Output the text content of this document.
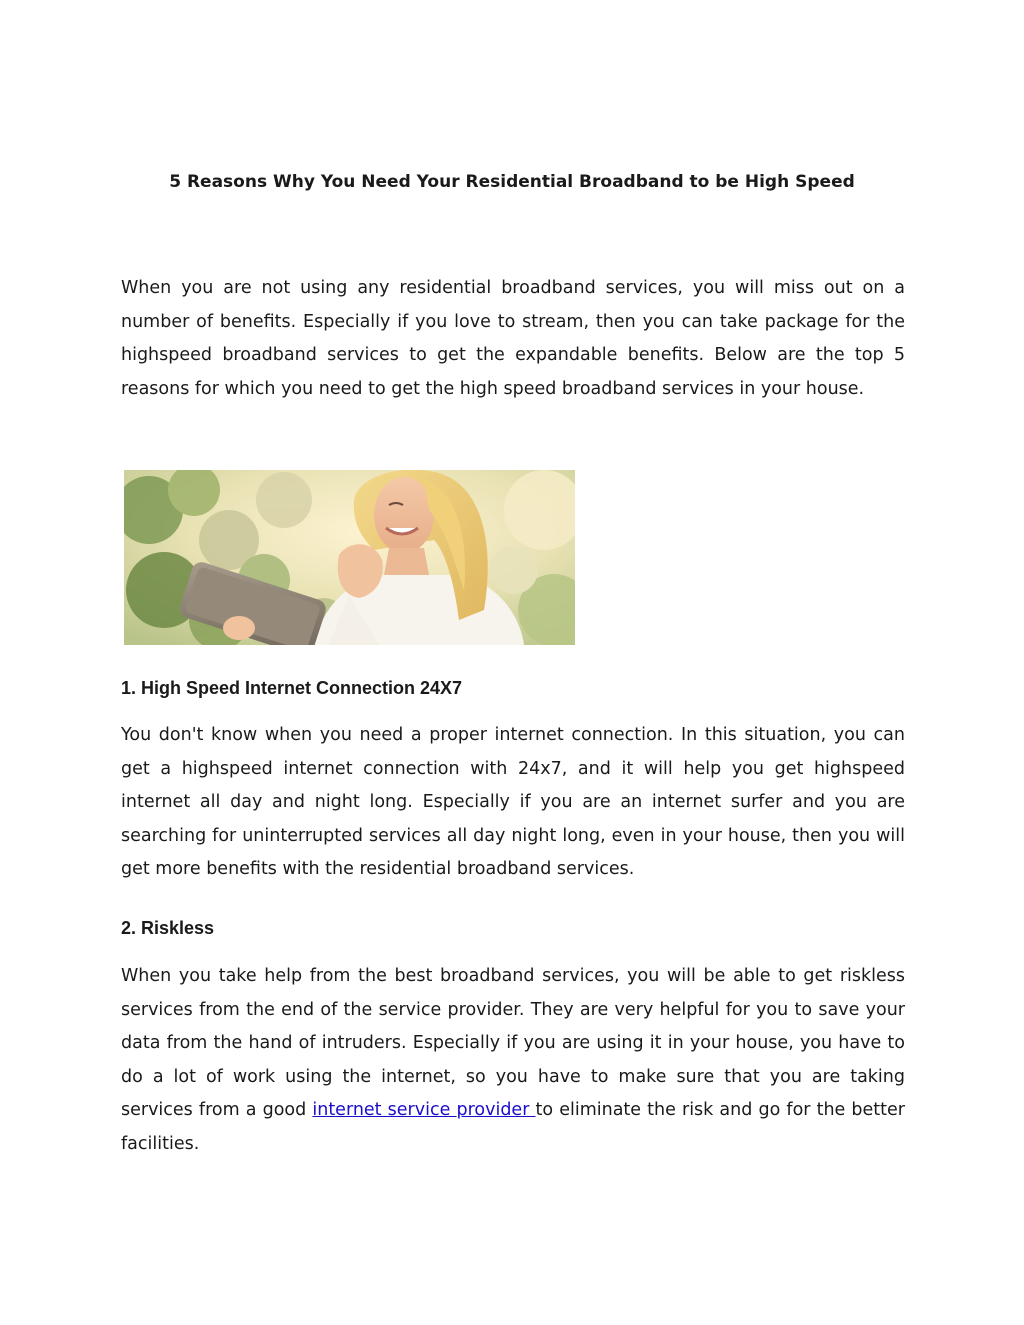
5 Reasons Why You Need Your Residential Broadband to be High Speed

When you are not using any residential broadband services, you will miss out on a number of benefits. Especially if you love to stream, then you can take package for the highspeed broadband services to get the expandable benefits. Below are the top 5 reasons for which you need to get the high speed broadband services in your house.

1. High Speed Internet Connection 24X7

You don't know when you need a proper internet connection. In this situation, you can get a highspeed internet connection with 24x7, and it will help you get highspeed internet all day and night long. Especially if you are an internet surfer and you are searching for uninterrupted services all day night long, even in your house, then you will get more benefits with the residential broadband services.

2. Riskless

When you take help from the best broadband services, you will be able to get riskless services from the end of the service provider. They are very helpful for you to save your data from the hand of intruders. Especially if you are using it in your house, you have to do a lot of work using the internet, so you have to make sure that you are taking services from a good internet service provider to eliminate the risk and go for the better facilities.
